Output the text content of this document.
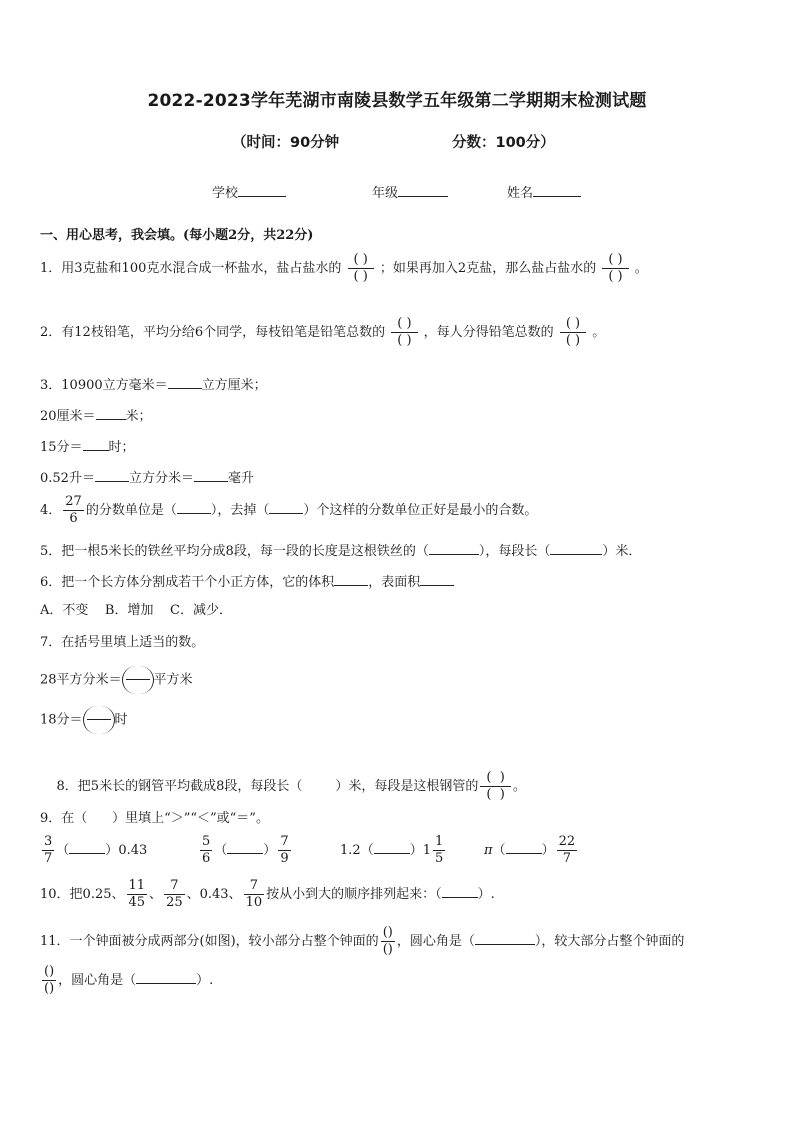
2022-2023学年芜湖市南陵县数学五年级第二学期期末检测试题
（时间：90分钟	分数：100分）
学校	年级	姓名
一、用心思考，我会填。(每小题2分，共22分)
1．用3克盐和100克水混合成一杯盐水，盐占盐水的 $\frac{( )}{( )}$ ；如果再加入2克盐，那么盐占盐水的 $\frac{( )}{( )}$ 。
2．有12枝铅笔，平均分给6个同学，每枝铅笔是铅笔总数的 $\frac{( )}{( )}$ ，每人分得铅笔总数的 $\frac{( )}{( )}$ 。
3．10900立方毫米＝	立方厘米；
20厘米＝ 米；
15分＝ 时；
0.52升＝	立方分米＝	毫升
4． $\frac{27}{6}$ 的分数单位是（	），去掉（	）个这样的分数单位正好是最小的合数。
5．把一根5米长的铁丝平均分成8段，每一段的长度是这根铁丝的（	），每段长（	）米．
6．把一个长方体分割成若干个小正方体，它的体积	，表面积
A．不变    B．增加    C．减少．
7．在括号里填上适当的数。
28平方分米＝ 平方米
18分＝ 时

8．把5米长的钢管平均截成8段，每段长（        ）米，每段是这根钢管的 $\frac{( )}{( )}$ 。

9．在（      ）里填上“＞”“＜”或“＝”。
$\frac{3}{7}$ （	）0.43	$\frac{5}{6}$ （	） $\frac{7}{9}$	1.2（	）$1 \frac{1}{5}$	π（	） $\frac{22}{7}$
10．把0.25、 $\frac{11}{45}$ 、 $\frac{7}{25}$ 、0.43、 $\frac{7}{10}$ 按从小到大的顺序排列起来：（	）.
11．一个钟面被分成两部分(如图)，较小部分占整个钟面的 $\frac{()}{()}$ ，圆心角是（	），较大部分占整个钟面的
$\frac{()}{()}$ ，圆心角是（	）.
